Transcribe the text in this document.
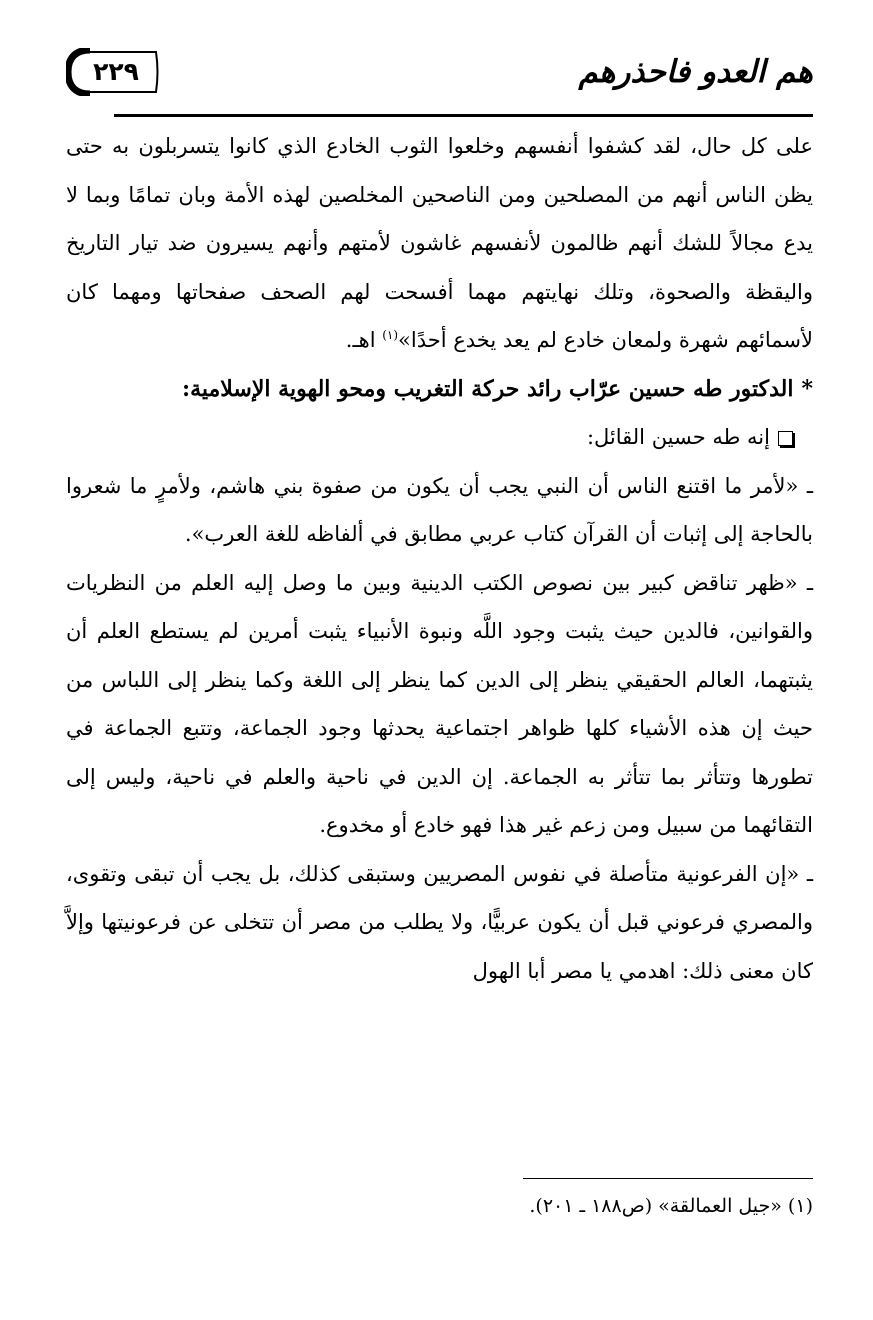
٢٢٩	هم العدو فاحذرهم

على كل حال، لقد كشفوا أنفسهم وخلعوا الثوب الخادع الذي كانوا يتسربلون به حتى يظن الناس أنهم من المصلحين ومن الناصحين المخلصين لهذه الأمة وبان تمامًا وبما لا يدع مجالاً للشك أنهم ظالمون لأنفسهم غاشون لأمتهم وأنهم يسيرون ضد تيار التاريخ واليقظة والصحوة، وتلك نهايتهم مهما أفسحت لهم الصحف صفحاتها ومهما كان لأسمائهم شهرة ولمعان خادع لم يعد يخدع أحدًا»$^{(١)}$ اهـ.

*الدكتور طه حسين عرّاب رائد حركة التغريب ومحو الهوية الإسلامية:

إنه طه حسين القائل:

ـ «لأمر ما اقتنع الناس أن النبي يجب أن يكون من صفوة بني هاشم، ولأمرٍ ما شعروا بالحاجة إلى إثبات أن القرآن كتاب عربي مطابق في ألفاظه للغة العرب».

ـ «ظهر تناقض كبير بين نصوص الكتب الدينية وبين ما وصل إليه العلم من النظريات والقوانين، فالدين حيث يثبت وجود اللَّه ونبوة الأنبياء يثبت أمرين لم يستطع العلم أن يثبتهما، العالم الحقيقي ينظر إلى الدين كما ينظر إلى اللغة وكما ينظر إلى اللباس من حيث إن هذه الأشياء كلها ظواهر اجتماعية يحدثها وجود الجماعة، وتتبع الجماعة في تطورها وتتأثر بما تتأثر به الجماعة. إن الدين في ناحية والعلم في ناحية، وليس إلى التقائهما من سبيل ومن زعم غير هذا فهو خادع أو مخدوع.

ـ «إن الفرعونية متأصلة في نفوس المصريين وستبقى كذلك، بل يجب أن تبقى وتقوى، والمصري فرعوني قبل أن يكون عربيًّا، ولا يطلب من مصر أن تتخلى عن فرعونيتها وإلاَّ كان معنى ذلك: اهدمي يا مصر أبا الهول

(١) «جيل العمالقة» (ص١٨٨ ـ ٢٠١).
